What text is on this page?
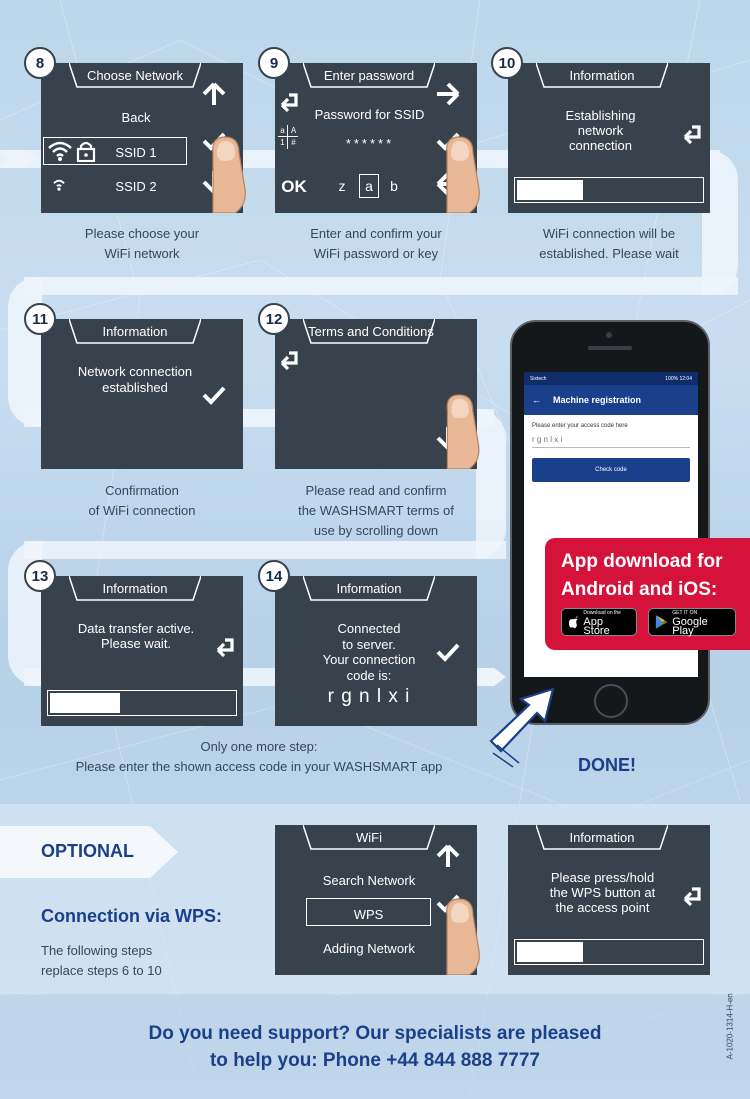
Choose Network
Back
SSID 1
SSID 2
8
Please choose your
WiFi network
Enter password
Password for SSID
a A
1 #	******
OK z	a	b
9
Enter and confirm your
WiFi password or key
Information
Establishing
network
connection
10
WiFi connection will be
established. Please wait
Information
Network connection
established
11
Confirmation
of WiFi connection
Terms and Conditions
12
Please read and confirm
the WASHSMART terms of
use by scrolling down
Information
Data transfer active.
Please wait.
13
Information
Connected
to server.
Your connection
code is:
r g n l x i
14
Only one more step:
Please enter the shown access code in your WASHSMART app
Sixtech	100% 12:04
← Machine registration
Please enter your access code here
r g n l x i
Check code
App download for
Android and iOS:
Download on the
App Store
GET IT ON
Google Play
DONE!
OPTIONAL
Connection via WPS:
The following steps
replace steps 6 to 10
WiFi
Search Network
WPS
Adding Network
Information
Please press/hold
the WPS button at
the access point
Do you need support? Our specialists are pleased
to help you: Phone +44 844 888 7777
A-1020-1314-H-en
